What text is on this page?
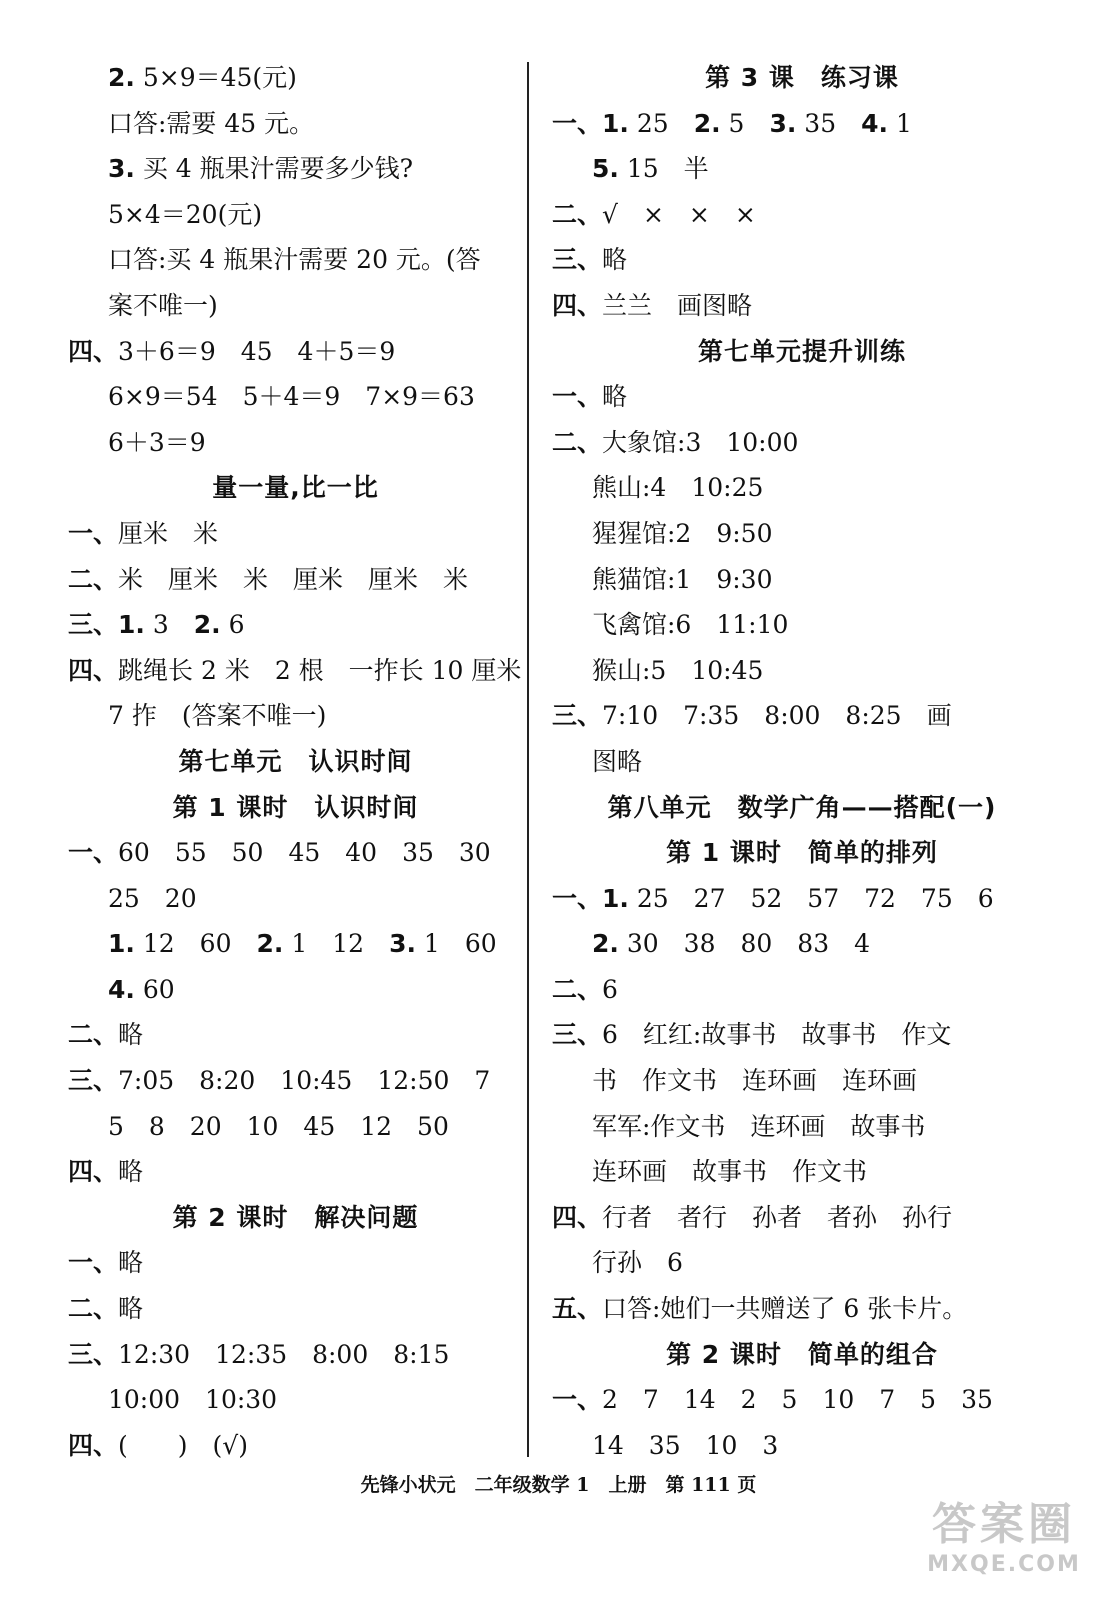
2. 5×9＝45(元)
口答:需要 45 元。
3. 买 4 瓶果汁需要多少钱?
5×4＝20(元)
口答:买 4 瓶果汁需要 20 元。(答
案不唯一)
四、3＋6＝9　45　4＋5＝9
6×9＝54　5＋4＝9　7×9＝63
6＋3＝9
量一量,比一比
一、厘米　米
二、米　厘米　米　厘米　厘米　米
三、1. 3　2. 6
四、跳绳长 2 米　2 根　一拃长 10 厘米
7 拃　(答案不唯一)
第七单元　认识时间
第 1 课时　认识时间
一、60　55　50　45　40　35　30
25　20
1. 12　60　2. 1　12　3. 1　60
4. 60
二、略
三、7:05　8:20　10:45　12:50　7
5　8　20　10　45　12　50
四、略
第 2 课时　解决问题
一、略
二、略
三、12:30　12:35　8:00　8:15
10:00　10:30
四、(　　)　(√)
第 3 课　练习课
一、1. 25　2. 5　3. 35　4. 1
5. 15　半
二、√　×　×　×
三、略
四、兰兰　画图略
第七单元提升训练
一、略
二、大象馆:3　10:00
熊山:4　10:25
猩猩馆:2　9:50
熊猫馆:1　9:30
飞禽馆:6　11:10
猴山:5　10:45
三、7:10　7:35　8:00　8:25　画
图略
第八单元　数学广角——搭配(一)
第 1 课时　简单的排列
一、1. 25　27　52　57　72　75　6
2. 30　38　80　83　4
二、6
三、6　红红:故事书　故事书　作文
书　作文书　连环画　连环画
军军:作文书　连环画　故事书
连环画　故事书　作文书
四、行者　者行　孙者　者孙　孙行
行孙　6
五、口答:她们一共赠送了 6 张卡片。
第 2 课时　简单的组合
一、2　7　14　2　5　10　7　5　35
14　35　10　3
先锋小状元　二年级数学 1　上册　第 111 页
答案圈
MXQE.COM
